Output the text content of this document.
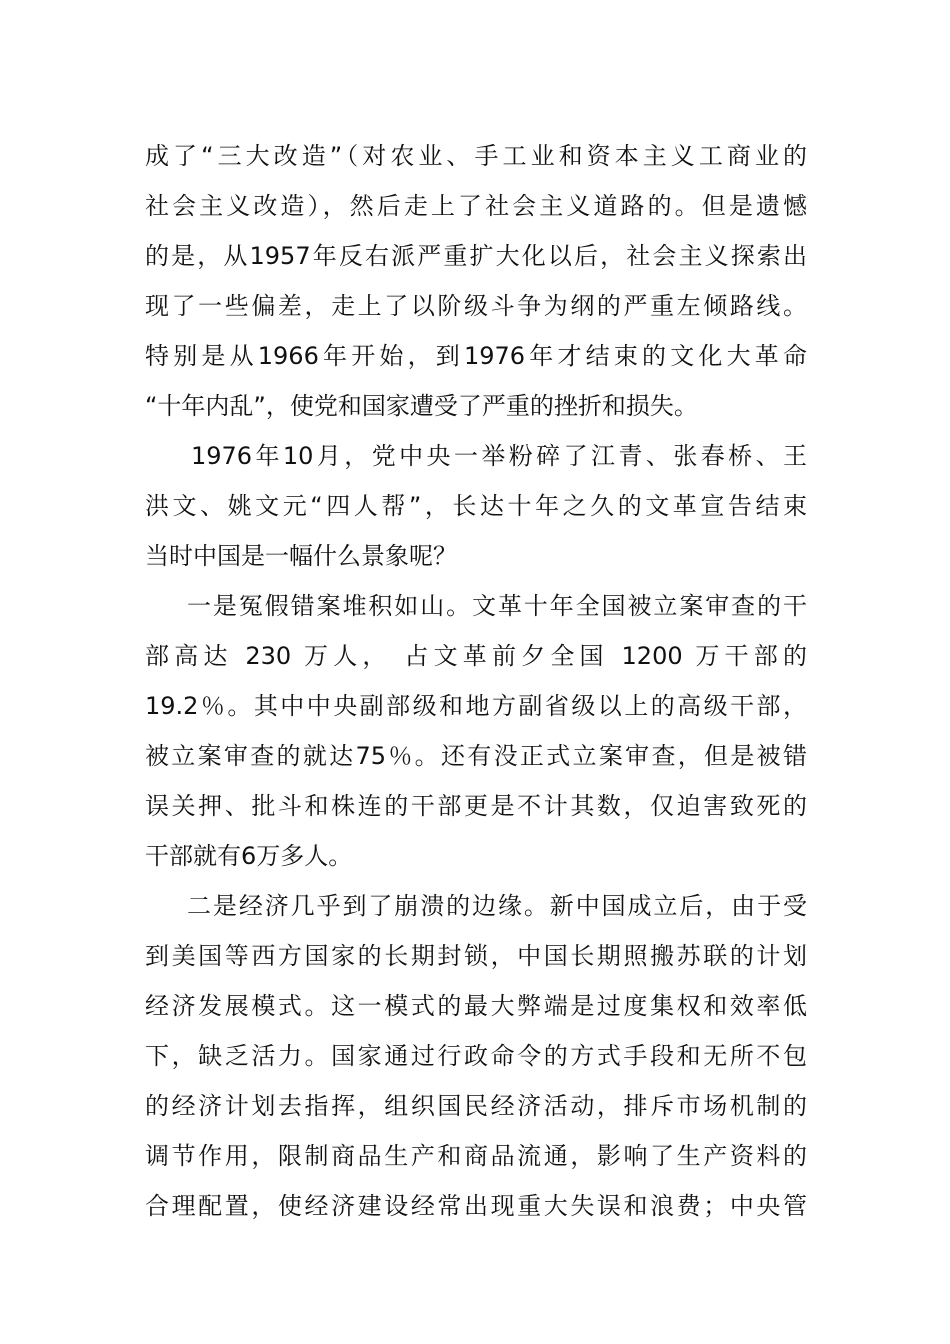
成了“三大改造”（对农业、手工业和资本主义工商业的
社会主义改造），然后走上了社会主义道路的。但是遗憾
的是，从1957年反右派严重扩大化以后，社会主义探索出
现了一些偏差，走上了以阶级斗争为纲的严重左倾路线。
特别是从1966年开始，到1976年才结束的文化大革命
“十年内乱”，使党和国家遭受了严重的挫折和损失。
1976年10月，党中央一举粉碎了江青、张春桥、王
洪文、姚文元“四人帮”，长达十年之久的文革宣告结束
当时中国是一幅什么景象呢？
一是冤假错案堆积如山。文革十年全国被立案审查的干
部高达 230 万人， 占文革前夕全国 1200 万干部的
19.2％。其中中央副部级和地方副省级以上的高级干部，
被立案审查的就达75％。还有没正式立案审查，但是被错
误关押、批斗和株连的干部更是不计其数，仅迫害致死的
干部就有6万多人。
二是经济几乎到了崩溃的边缘。新中国成立后，由于受
到美国等西方国家的长期封锁，中国长期照搬苏联的计划
经济发展模式。这一模式的最大弊端是过度集权和效率低
下，缺乏活力。国家通过行政命令的方式手段和无所不包
的经济计划去指挥，组织国民经济活动，排斥市场机制的
调节作用，限制商品生产和商品流通，影响了生产资料的
合理配置，使经济建设经常出现重大失误和浪费；中央管
